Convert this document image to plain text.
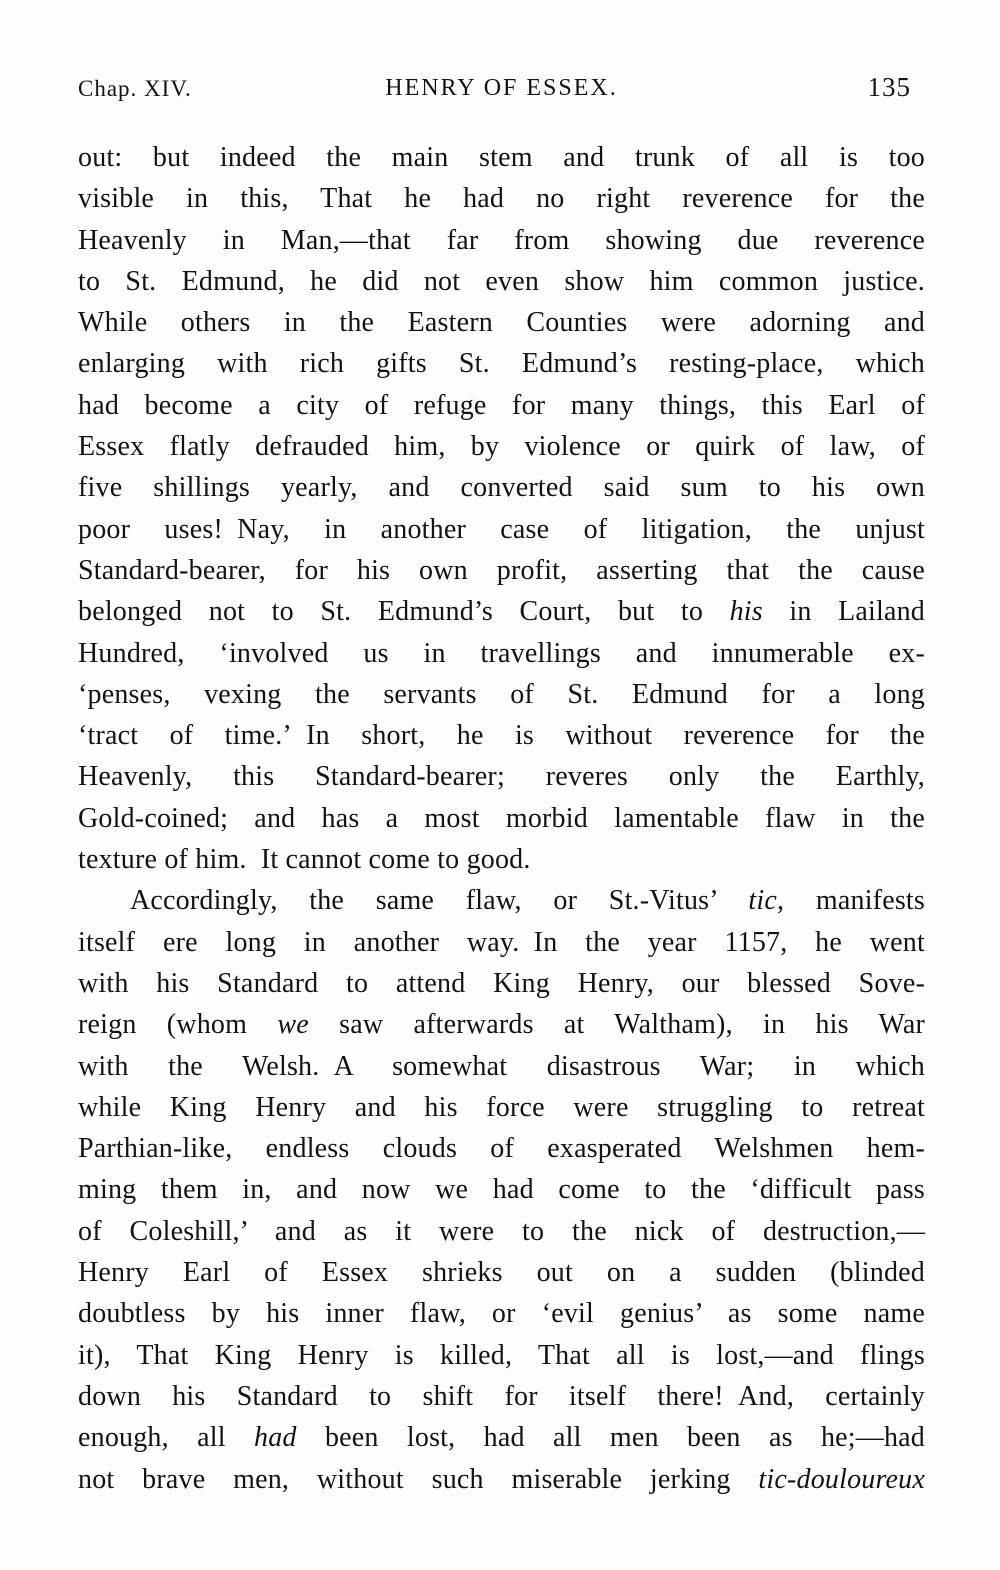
Chap. XIV.	HENRY OF ESSEX.	135
out: but indeed the main stem and trunk of all is too
visible in this, That he had no right reverence for the
Heavenly in Man,—that far from showing due reverence
to St. Edmund, he did not even show him common justice.
While others in the Eastern Counties were adorning and
enlarging with rich gifts St. Edmund’s resting-place, which
had become a city of refuge for many things, this Earl of
Essex flatly defrauded him, by violence or quirk of law, of
five shillings yearly, and converted said sum to his own
poor uses! Nay, in another case of litigation, the unjust
Standard-bearer, for his own profit, asserting that the cause
belonged not to St. Edmund’s Court, but to his in Lailand
Hundred, ‘involved us in travellings and innumerable ex-
‘penses, vexing the servants of St. Edmund for a long
‘tract of time.’ In short, he is without reverence for the
Heavenly, this Standard-bearer; reveres only the Earthly,
Gold-coined; and has a most morbid lamentable flaw in the
texture of him. It cannot come to good.
Accordingly, the same flaw, or St.-Vitus’ tic, manifests
itself ere long in another way. In the year 1157, he went
with his Standard to attend King Henry, our blessed Sove-
reign (whom we saw afterwards at Waltham), in his War
with the Welsh. A somewhat disastrous War; in which
while King Henry and his force were struggling to retreat
Parthian-like, endless clouds of exasperated Welshmen hem-
ming them in, and now we had come to the ‘difficult pass
of Coleshill,’ and as it were to the nick of destruction,—
Henry Earl of Essex shrieks out on a sudden (blinded
doubtless by his inner flaw, or ‘evil genius’ as some name
it), That King Henry is killed, That all is lost,—and flings
down his Standard to shift for itself there! And, certainly
enough, all had been lost, had all men been as he;—had
not brave men, without such miserable jerking tic-douloureux
